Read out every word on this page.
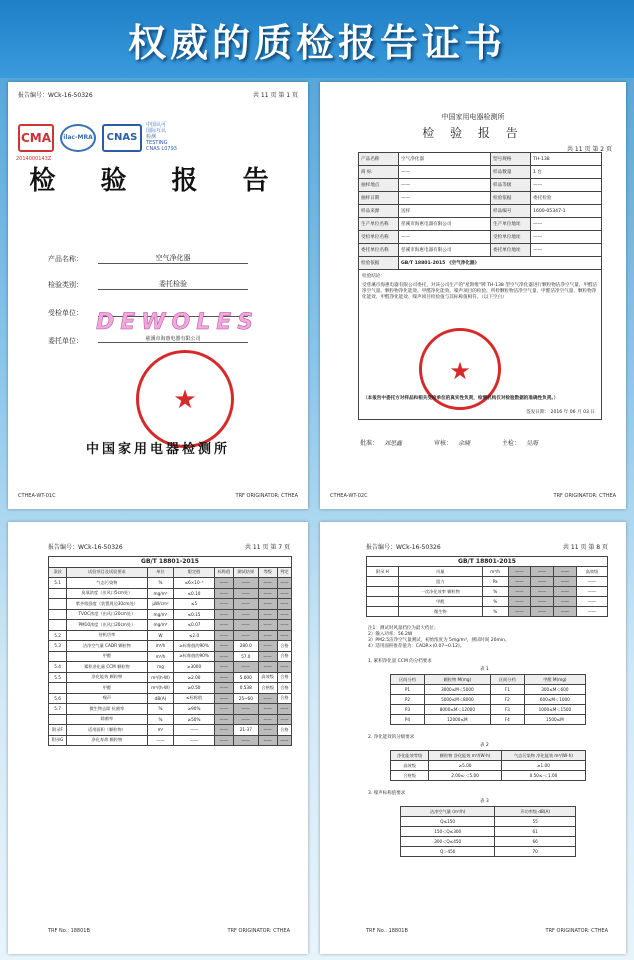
权威的质检报告证书
报告编号：WCk-16-50326	共 11 页 第 1 页
CMA
2014000143Z
ilac-MRA	CNAS
中国认可
国际互认
检测
TESTING
CNAS L0793
检 验 报 告
产品名称：	空气净化器
检验类别：	委托检验
受检单位：
委托单位：	慈溪市海惠电器有限公司
DEWOLES
★
中国家用电器检测所
CTHEA-WT-01C	TRF ORIGINATOR: CTHEA
中国家用电器检测所
检 验 报 告
共 11 页 第 2 页
产品名称	空气净化器	型号规格	TH-138
商 标	——	样品数量	1 台
抽样地点	——	样品等级	——
抽样日期	——	检验依据	委托检验
样品来源	送样	样品编号	1600-05347-1
生产单位名称	慈溪市海惠电器有限公司	生产单位地址	——
受检单位名称	——	受检单位地址	——
委托单位名称	慈溪市海惠电器有限公司	委托单位地址	——
检验依据	GB/T 18801-2015 《空气净化器》		

检验结论：
受慈溪市海惠电器有限公司委托，对该公司生产的"星斯维"牌 TH-138 型空气净化器进行颗粒物洁净空气量、甲醛洁净空气量、颗粒物净化能效、甲醛净化能效、噪声项目的检验。所检颗粒物洁净空气量、甲醛洁净空气量、颗粒物净化能效、甲醛净化能效、噪声项目检验值与其标称值相符。（以下空白）
★
（本报告中委托方对样品和相关受检单位的真实性负责，检测机构仅对检验数据的准确性负责。）
签发日期： 2016 年 06 月 03 日			
批准： 刘思鑫	审核： 佘晓	主检： 吴海
CTHEA-WT-02C	TRF ORIGINATOR: CTHEA
报告编号：WCk-16-50326	共 11 页 第 7 页
GB/T 18801-2015							
条款	试验项目及试验要求	单位	限定值	标称值	测试结果	等级	判定
5.1	气态污染物	%	≤6×10⁻⁵	——	——	——	——
	臭氧浓度（出风口5cm处）	mg/m³	≤0.10	——	——	——	——
	紫外线强度（装置周边30cm处）	μW/cm²	≤5	——	——	——	——
	TVOC浓度（出风口20cm处）	mg/m³	≤0.15	——	——	——	——
	PM10浓度（出风口20cm处）	mg/m³	≤0.07	——	——	——	——
5.2	待机功率	W	≤2.0	——	——	——	——
5.3	洁净空气量 CADR 颗粒物	m³/h	≥标称值的90%	——	280.0	——	合格
	甲醛	m³/h	≥标称值的90%	——	57.0	——	合格
5.4	累积净化量 CCM 颗粒物	mg	≥3000	——	——	——	——
5.5	净化能效 颗粒物	m³/(h·W)	≥2.00	——	5.000	高效级	合格
	甲醛	m³/(h·W)	≥0.50	——	0.538	合格级	合格
5.6	噪声	dB(A)	≤标称值	——	25~60	——	合格
5.7	微生物去除 抗菌率	%	≥90%	——	——	——	——
	除菌率	%	≥50%	——	——	——	——
附录F	适用面积（颗粒物）	m²	——	——	21-37	——	合格
附录G	净化寿命 颗粒物	——	——	——	——	——	——
TRF No.: 18801B	TRF ORIGINATOR: CTHEA
报告编号：WCk-16-50326	共 11 页 第 8 页
GB/T 18801-2015						
附录 H	风量	m³/h	——	——	——	高效级
	阻力	Pa	——	——	——	——
	一次净化效率 颗粒物	%	——	——	——	——
	甲醛	%	——	——	——	——
	微生物	%	——	——	——	——
注1：测试时风量档位为最大档位；
2）输入功率：56.2W
3）PM2.5洁净空气量测试，初始浓度为 5mg/m³，测试时间 20min。
4）适用面积推荐值为：CADR×(0.07~0.12)。
1. 累积净化量 CCM 的分档要求
表 1
区间分档	颗粒物 M(mg)	区间分档	甲醛 M(mg)
P1	3000≤M＜5000	F1	300≤M＜600
P2	5000≤M＜8000	F2	600≤M＜1000
P3	8000≤M＜12000	F3	1000≤M＜1500
P4	12000≤M	F4	1500≤M
2. 净化能效的分级要求
表 2
净化能效等级	颗粒物 净化能效 m³/(W·h)	气态污染物 净化能效 m³/(W·h)
高效级	≥5.00	≥1.00
合格级	2.00≤·＜5.00	0.50≤·＜1.00
3. 噪声标称值要求
表 3
洁净空气量 (m³/h)	声功率级 dB(A)
Q≤150	55
150＜Q≤300	61
300＜Q≤450	66
Q＞450	70
TRF No.: 18801B	TRF ORIGINATOR: CTHEA
